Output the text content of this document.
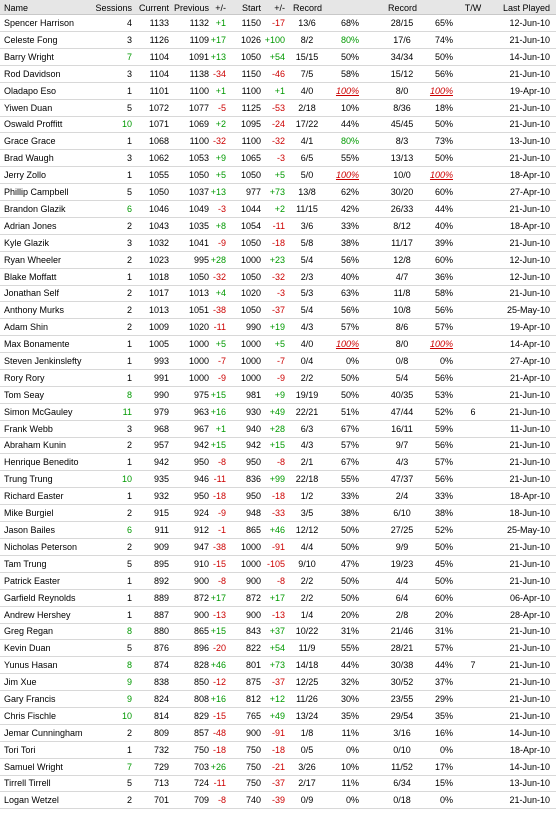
Name	Sessions Current Previous +/- Start +/- Record	Record	T/W	Last Played
Spencer Harrison	4 1133 1132 +1 1150 -17	13/6	68%	28/15	65%	12-Jun-10
Celeste Fong	3 1126 1109 +17 1026 +100	8/2	80%	17/6	74%	21-Jun-10
Barry Wright	7 1104 1091 +13 1050 +54	15/15	50%	34/34	50%	14-Jun-10
Rod Davidson	3 1104 1138 -34 1150 -46	7/5	58%	15/12	56%	21-Jun-10
Oladapo Eso	1 1101 1100 +1 1100 +1	4/0	100%	8/0	100%	19-Apr-10
Yiwen Duan	5 1072 1077 -5 1125 -53	2/18	10%	8/36	18%	21-Jun-10
Oswald Proffitt	10 1071 1069 +2 1095 -24	17/22	44%	45/45	50%	21-Jun-10
Grace Grace	1 1068 1100 -32 1100 -32	4/1	80%	8/3	73%	13-Jun-10
Brad Waugh	3 1062 1053 +9 1065 -3	6/5	55%	13/13	50%	21-Jun-10
Jerry Zollo	1 1055 1050 +5 1050 +5	5/0	100%	10/0	100%	18-Apr-10
Phillip Campbell	5 1050 1037 +13 977 +73	13/8	62%	30/20	60%	27-Apr-10
Brandon Glazik	6 1046 1049 -3 1044 +2	11/15	42%	26/33	44%	21-Jun-10
Adrian Jones	2 1043 1035 +8 1054 -11	3/6	33%	8/12	40%	18-Apr-10
Kyle Glazik	3 1032 1041 -9 1050 -18	5/8	38%	11/17	39%	21-Jun-10
Ryan Wheeler	2 1023	995 +28 1000 +23	5/4	56%	12/8	60%	12-Jun-10
Blake Moffatt	1 1018 1050 -32 1050 -32	2/3	40%	4/7	36%	12-Jun-10
Jonathan Self	2 1017 1013 +4 1020 -3	5/3	63%	11/8	58%	21-Jun-10
Anthony Murks	2 1013 1051 -38 1050 -37	5/4	56%	10/8	56%	25-May-10
Adam Shin	2 1009 1020 -11 990 +19	4/3	57%	8/6	57%	19-Apr-10
Max Bonamente	1 1005 1000 +5 1000 +5	4/0	100%	8/0	100%	14-Apr-10
Steven Jenkinslefty	1 993 1000 -7 1000 -7	0/4	0%	0/8	0%	27-Apr-10
Rory Rory	1 991 1000 -9 1000 -9	2/2	50%	5/4	56%	21-Apr-10
Tom Seay	8 990	975 +15 981 +9	19/19	50%	40/35	53%	21-Jun-10
Simon McGauley	11 979	963 +16 930 +49	22/21	51%	47/44	52%	6	21-Jun-10
Frank Webb	3 968	967 +1 940 +28	6/3	67%	16/11	59%	11-Jun-10
Abraham Kunin	2 957	942 +15 942 +15	4/3	57%	9/7	56%	21-Jun-10
Henrique Benedito	1 942	950 -8 950 -8	2/1	67%	4/3	57%	21-Jun-10
Trung Trung	10 935	946 -11 836 +99	22/18	55%	47/37	56%	21-Jun-10
Richard Easter	1 932	950 -18 950 -18	1/2	33%	2/4	33%	18-Apr-10
Mike Burgiel	2 915	924 -9 948 -33	3/5	38%	6/10	38%	18-Jun-10
Jason Bailes	6	911	912 -1 865 +46	12/12	50%	27/25	52%	25-May-10
Nicholas Peterson	2 909	947 -38 1000 -91	4/4	50%	9/9	50%	21-Jun-10
Tam Trung	5 895	910 -15 1000 -105	9/10	47%	19/23	45%	21-Jun-10
Patrick Easter	1 892	900 -8 900 -8	2/2	50%	4/4	50%	21-Jun-10
Garfield Reynolds	1 889	872 +17 872 +17	2/2	50%	6/4	60%	06-Apr-10
Andrew Hershey	1 887	900 -13 900 -13	1/4	20%	2/8	20%	28-Apr-10
Greg Regan	8 880	865 +15 843 +37	10/22	31%	21/46	31%	21-Jun-10
Kevin Duan	5 876	896 -20 822 +54	11/9	55%	28/21	57%	21-Jun-10
Yunus Hasan	8 874	828 +46 801 +73	14/18	44%	30/38	44%	7	21-Jun-10
Jim Xue	9 838	850 -12 875 -37	12/25	32%	30/52	37%	21-Jun-10
Gary Francis	9 824	808 +16 812 +12	11/26	30%	23/55	29%	21-Jun-10
Chris Fischle	10 814	829 -15 765 +49	13/24	35%	29/54	35%	21-Jun-10
Jemar Cunningham	2 809	857 -48 900 -91	1/8	11%	3/16	16%	14-Jun-10
Tori Tori	1 732	750 -18 750 -18	0/5	0%	0/10	0%	18-Apr-10
Samuel Wright	7 729	703 +26 750 -21	3/26	10%	11/52	17%	14-Jun-10
Tirrell Tirrell	5 713	724 -11 750 -37	2/17	11%	6/34	15%	13-Jun-10
Logan Wetzel	2 701	709 -8 740 -39	0/9	0%	0/18	0%	21-Jun-10
